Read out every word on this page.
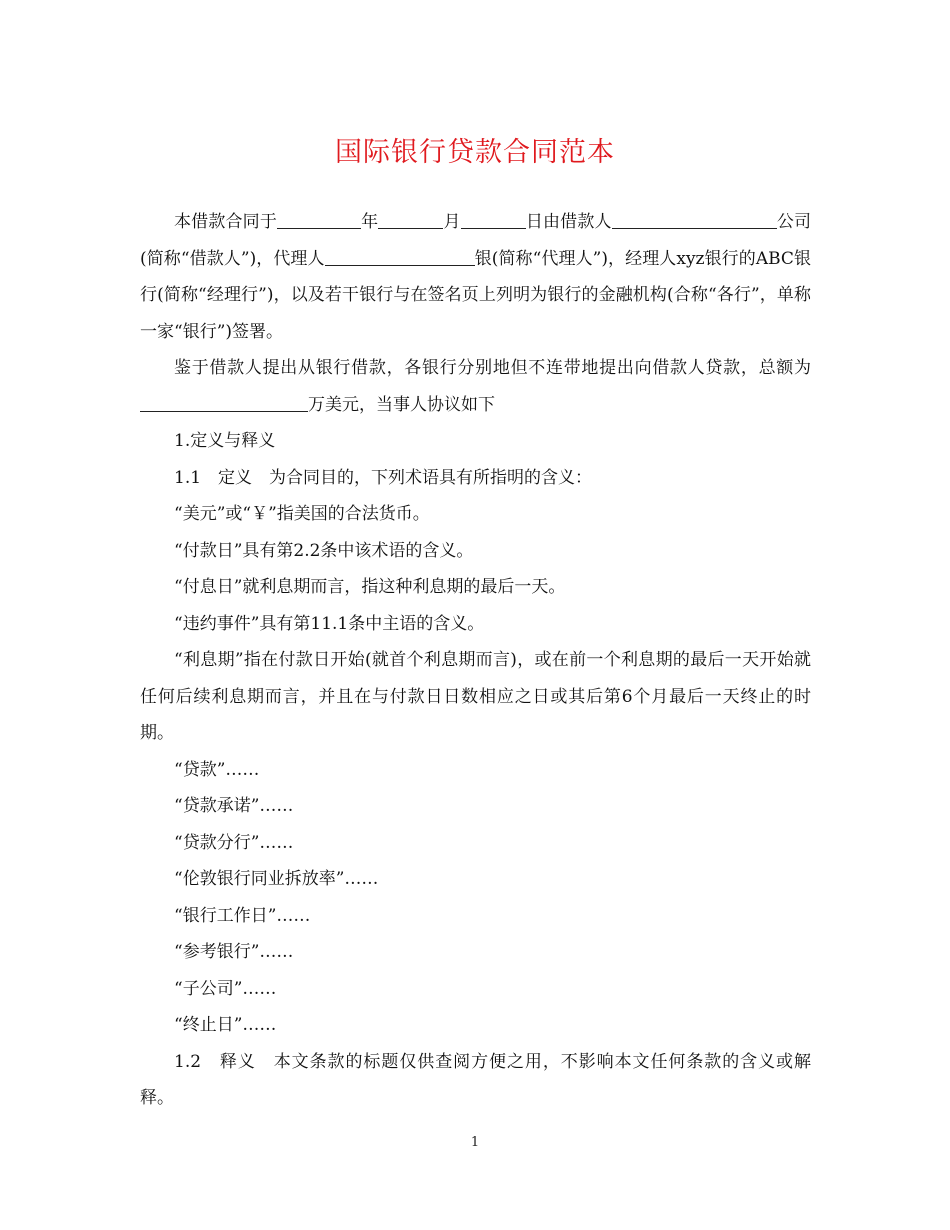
国际银行贷款合同范本

本借款合同于	年	月	日由借款人	公司(简称“借款人”)，代理人	银(简称“代理人”)，经理人xyz银行的ABC银行(简称“经理行”)，以及若干银行与在签名页上列明为银行的金融机构(合称“各行”，单称一家“银行”)签署。

鉴于借款人提出从银行借款，各银行分别地但不连带地提出向借款人贷款，总额为万美元，当事人协议如下

1.定义与释义

1.1　定义　为合同目的，下列术语具有所指明的含义：

“美元”或“￥”指美国的合法货币。

“付款日”具有第2.2条中该术语的含义。

“付息日”就利息期而言，指这种利息期的最后一天。

“违约事件”具有第11.1条中主语的含义。

“利息期”指在付款日开始(就首个利息期而言)，或在前一个利息期的最后一天开始就任何后续利息期而言，并且在与付款日日数相应之日或其后第6个月最后一天终止的时期。

“贷款”……

“贷款承诺”……

“贷款分行”……

“伦敦银行同业拆放率”……

“银行工作日”……

“参考银行”……

“子公司”……

“终止日”……

1.2　释义　本文条款的标题仅供查阅方便之用，不影响本文任何条款的含义或解释。

1
